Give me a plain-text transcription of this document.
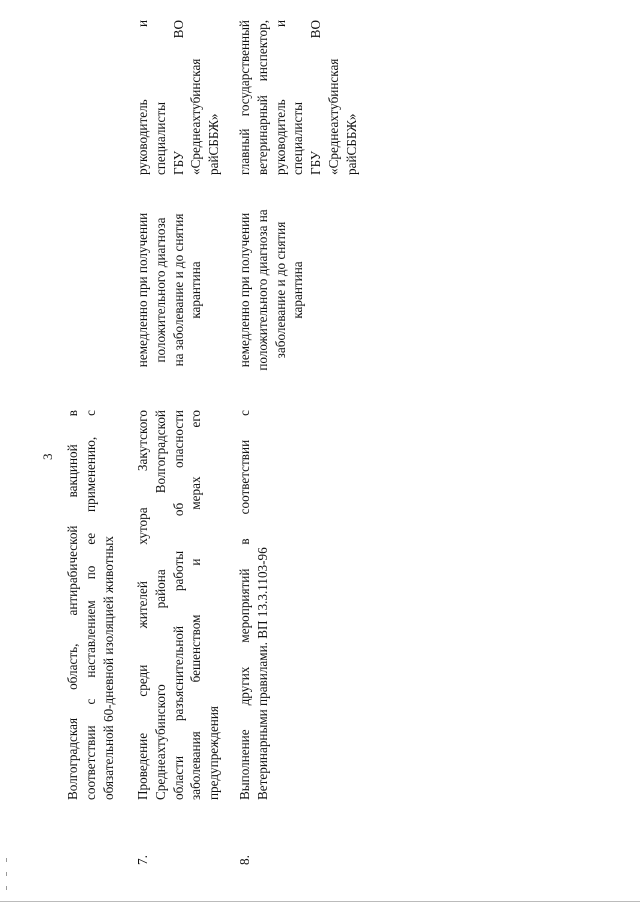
3 Волгоградская область, антирабической вакциной в соответствии с наставлением по ее применению, с обязательной 60-дневной изоляцией животных
7.
Проведение среди жителей хутора Закутского Среднеахтубинского района Волгоградской области разъяснительной работы об опасности заболевания бешенством и мерах его предупреждения
немедленно при получении положительного диагноза на заболевание и до снятия карантина
руководитель и специалисты ГБУ ВО «Среднеахтубинская райСББЖ»
8.
Выполнение других мероприятий в соответствии с Ветеринарными правилами. ВП 13.3.1103-96
немедленно при получении положительного диагноза на заболевание и до снятия карантина
главный государственный ветеринарный инспектор, руководитель и специалисты ГБУ ВО «Среднеахтубинская райСББЖ»
